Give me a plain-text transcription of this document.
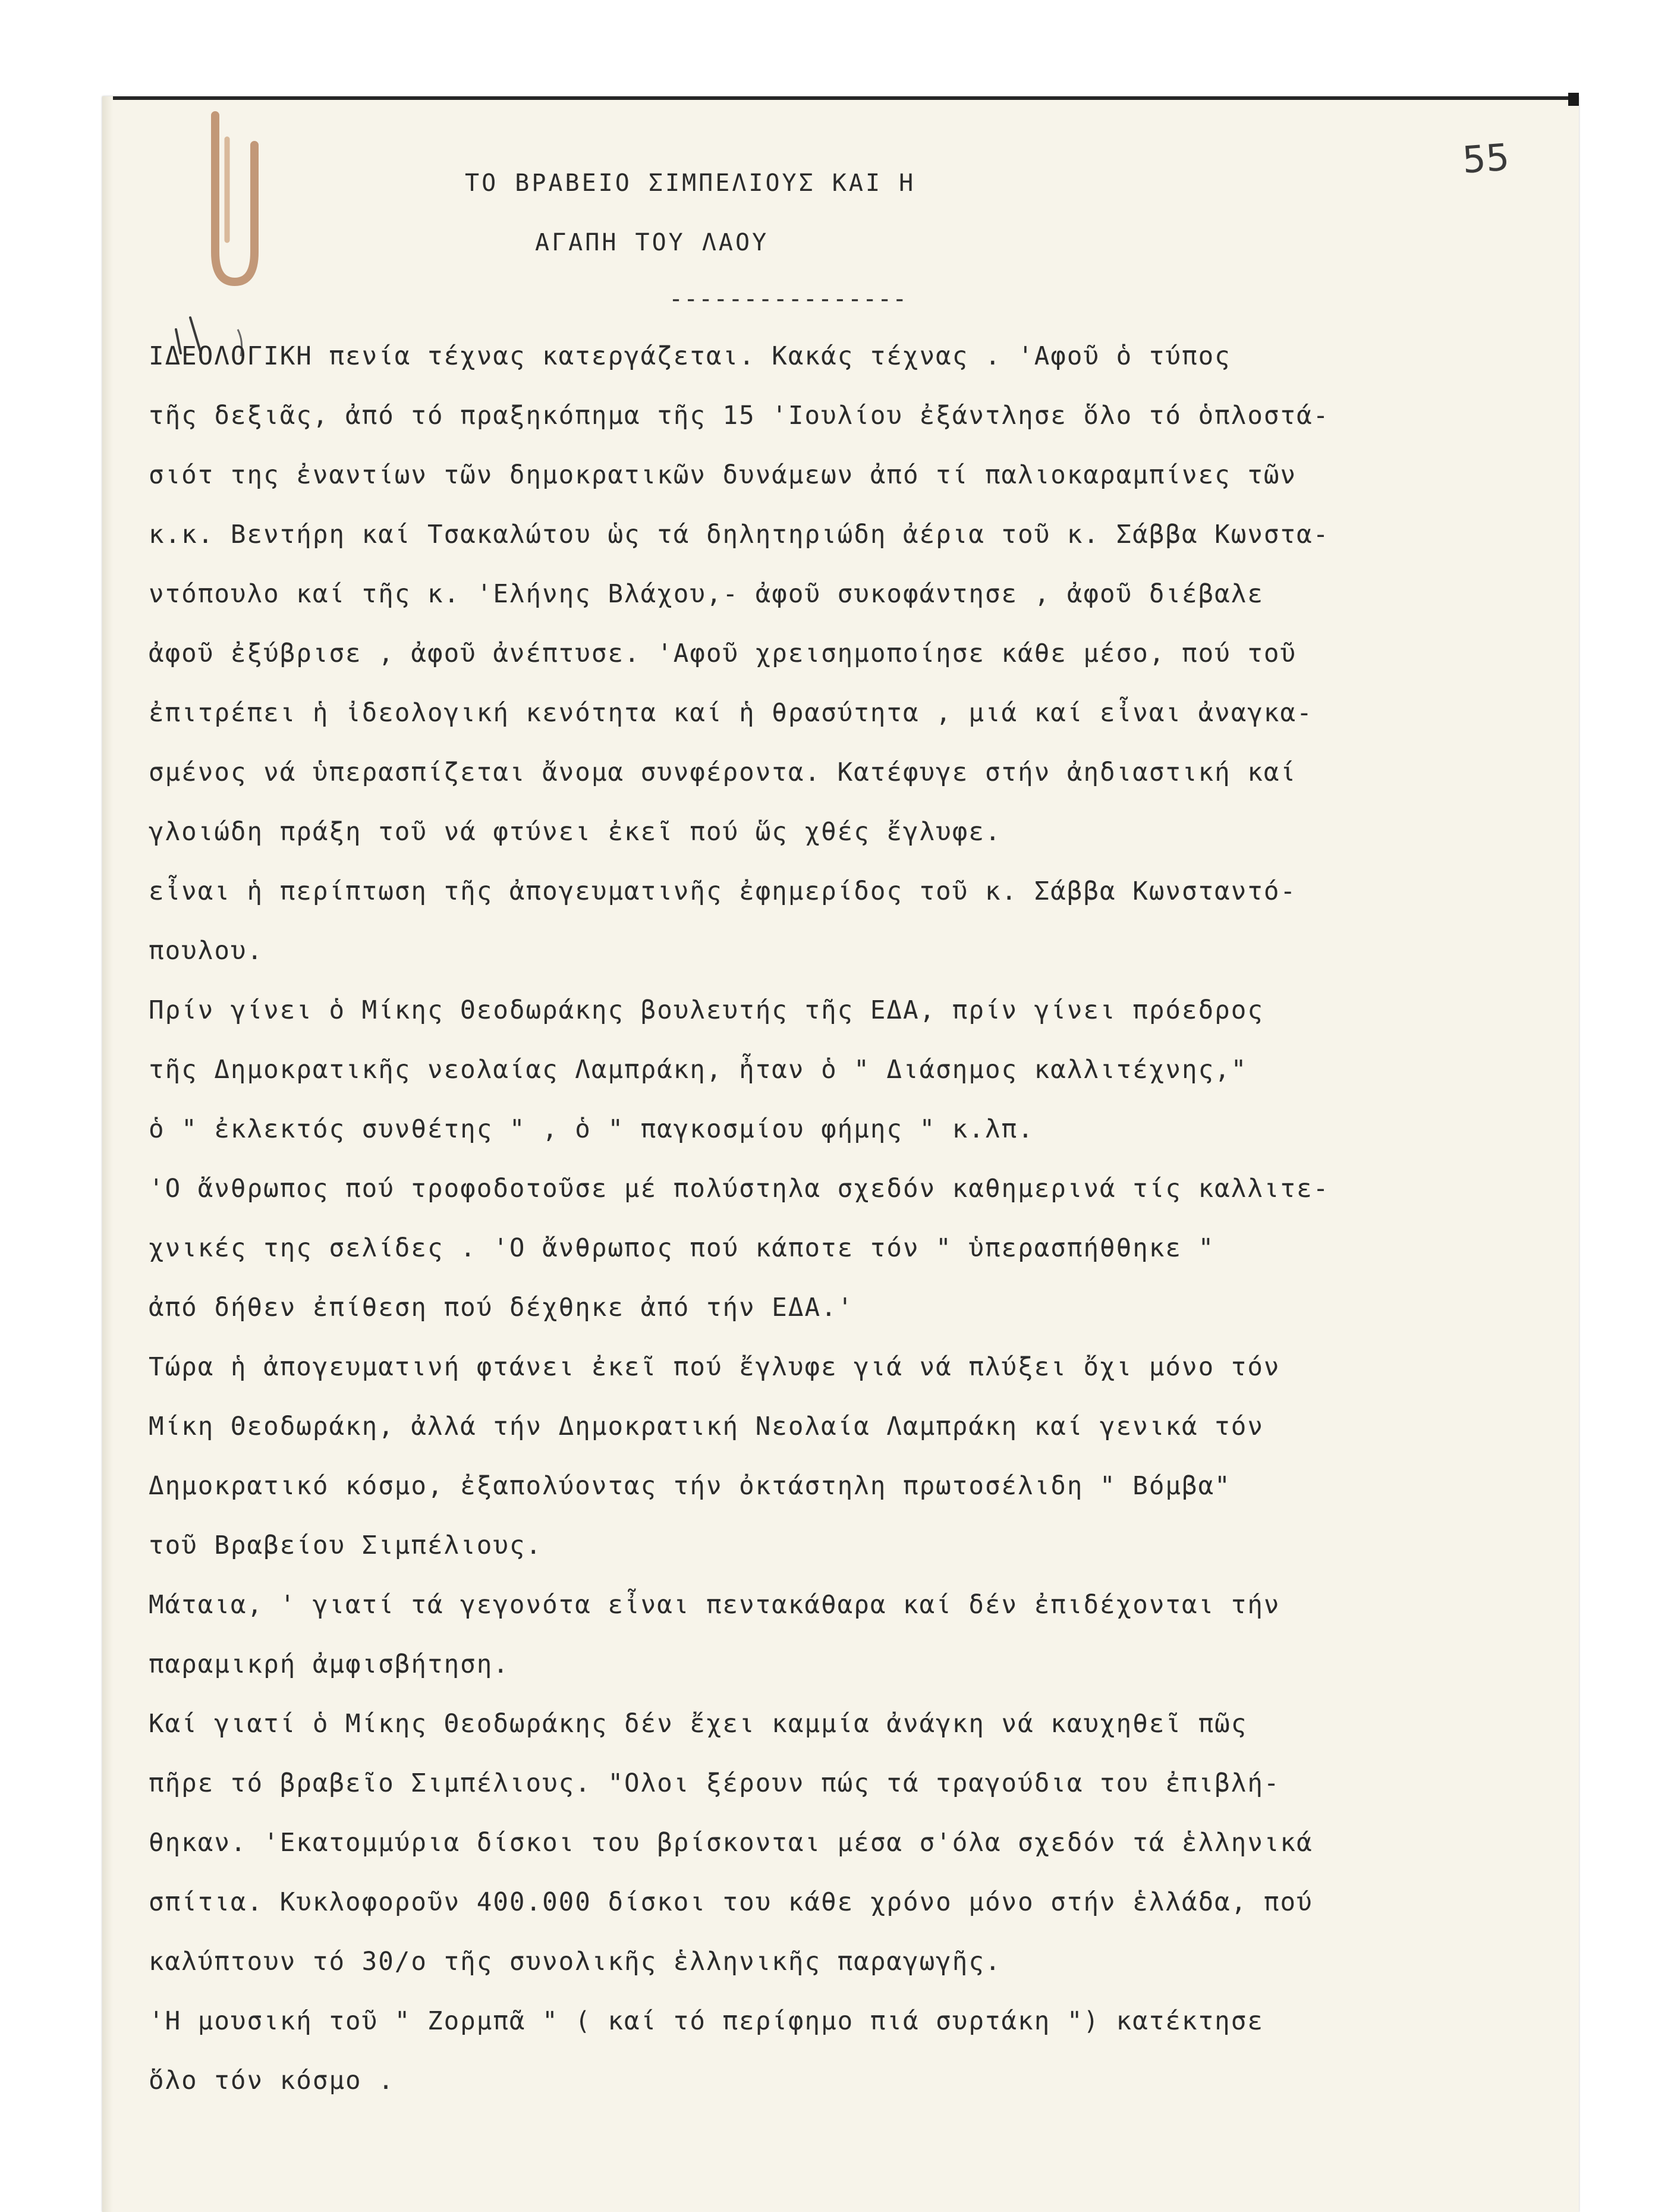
55
ΤΟ ΒΡΑΒΕΙΟ ΣΙΜΠΕΛΙΟΥΣ ΚΑΙ Η
ΑΓΑΠΗ ΤΟΥ ΛΑΟΥ
----------------
ΙΔΕΟΛΟΓΙΚΗ πενία τέχνας κατεργάζεται. Κακάς τέχνας . 'Αφοῦ ὁ τύπος
τῆς δεξιᾶς, ἀπό τό πραξηκόπημα τῆς 15 'Ιουλίου ἐξάντλησε ὅλο τό ὁπλοστά-
σιότ της ἐναντίων τῶν δημοκρατικῶν δυνάμεων ἀπό τί παλιοκαραμπίνες τῶν
κ.κ. Βεντήρη καί Τσακαλώτου ὡς τά δηλητηριώδη ἀέρια τοῦ κ. Σάββα Κωνστα-
ντόπουλο καί τῆς κ. 'Ελήνης Βλάχου,- ἀφοῦ συκοφάντησε , ἀφοῦ διέβαλε
ἀφοῦ ἐξύβρισε , ἀφοῦ ἀνέπτυσε. 'Αφοῦ χρεισημοποίησε κάθε μέσο, πού τοῦ
ἐπιτρέπει ἡ ἰδεολογική κενότητα καί ἡ θρασύτητα , μιά καί εἶναι ἀναγκα-
σμένος νά ὑπερασπίζεται ἄνομα συνφέροντα. Κατέφυγε στήν ἀηδιαστική καί
γλοιώδη πράξη τοῦ νά φτύνει ἐκεῖ πού ὥς χθές ἔγλυφε.
εἶναι ἡ περίπτωση τῆς ἀπογευματινῆς ἐφημερίδος τοῦ κ. Σάββα Κωνσταντό-
πουλου.
Πρίν γίνει ὁ Μίκης Θεοδωράκης βουλευτής τῆς ΕΔΑ, πρίν γίνει πρόεδρος
τῆς Δημοκρατικῆς νεολαίας Λαμπράκη, ἦταν ὁ " Διάσημος καλλιτέχνης,"
ὁ " ἐκλεκτός συνθέτης " , ὁ " παγκοσμίου φήμης " κ.λπ.
'Ο ἄνθρωπος πού τροφοδοτοῦσε μέ πολύστηλα σχεδόν καθημερινά τίς καλλιτε-
χνικές της σελίδες . 'Ο ἄνθρωπος πού κάποτε τόν " ὑπερασπήθθηκε "
ἀπό δήθεν ἐπίθεση πού δέχθηκε ἀπό τήν ΕΔΑ.'
Τώρα ἡ ἀπογευματινή φτάνει ἐκεῖ πού ἔγλυφε γιά νά πλύξει ὄχι μόνο τόν
Μίκη Θεοδωράκη, ἀλλά τήν Δημοκρατική Νεολαία Λαμπράκη καί γενικά τόν
Δημοκρατικό κόσμο, ἐξαπολύοντας τήν ὀκτάστηλη πρωτοσέλιδη " Βόμβα"
τοῦ Βραβείου Σιμπέλιους.
Μάταια, ' γιατί τά γεγονότα εἶναι πεντακάθαρα καί δέν ἐπιδέχονται τήν
παραμικρή ἀμφισβήτηση.
Καί γιατί ὁ Μίκης Θεοδωράκης δέν ἔχει καμμία ἀνάγκη νά καυχηθεῖ πῶς
πῆρε τό βραβεῖο Σιμπέλιους. "Ολοι ξέρουν πώς τά τραγούδια του ἐπιβλή-
θηκαν. 'Εκατομμύρια δίσκοι του βρίσκονται μέσα σ'όλα σχεδόν τά ἑλληνικά
σπίτια. Κυκλοφοροῦν 400.000 δίσκοι του κάθε χρόνο μόνο στήν ἑλλάδα, πού
καλύπτουν τό 30/ο τῆς συνολικῆς ἑλληνικῆς παραγωγῆς.
'Η μουσική τοῦ " Ζορμπᾶ " ( καί τό περίφημο πιά συρτάκη ") κατέκτησε
ὅλο τόν κόσμο .
